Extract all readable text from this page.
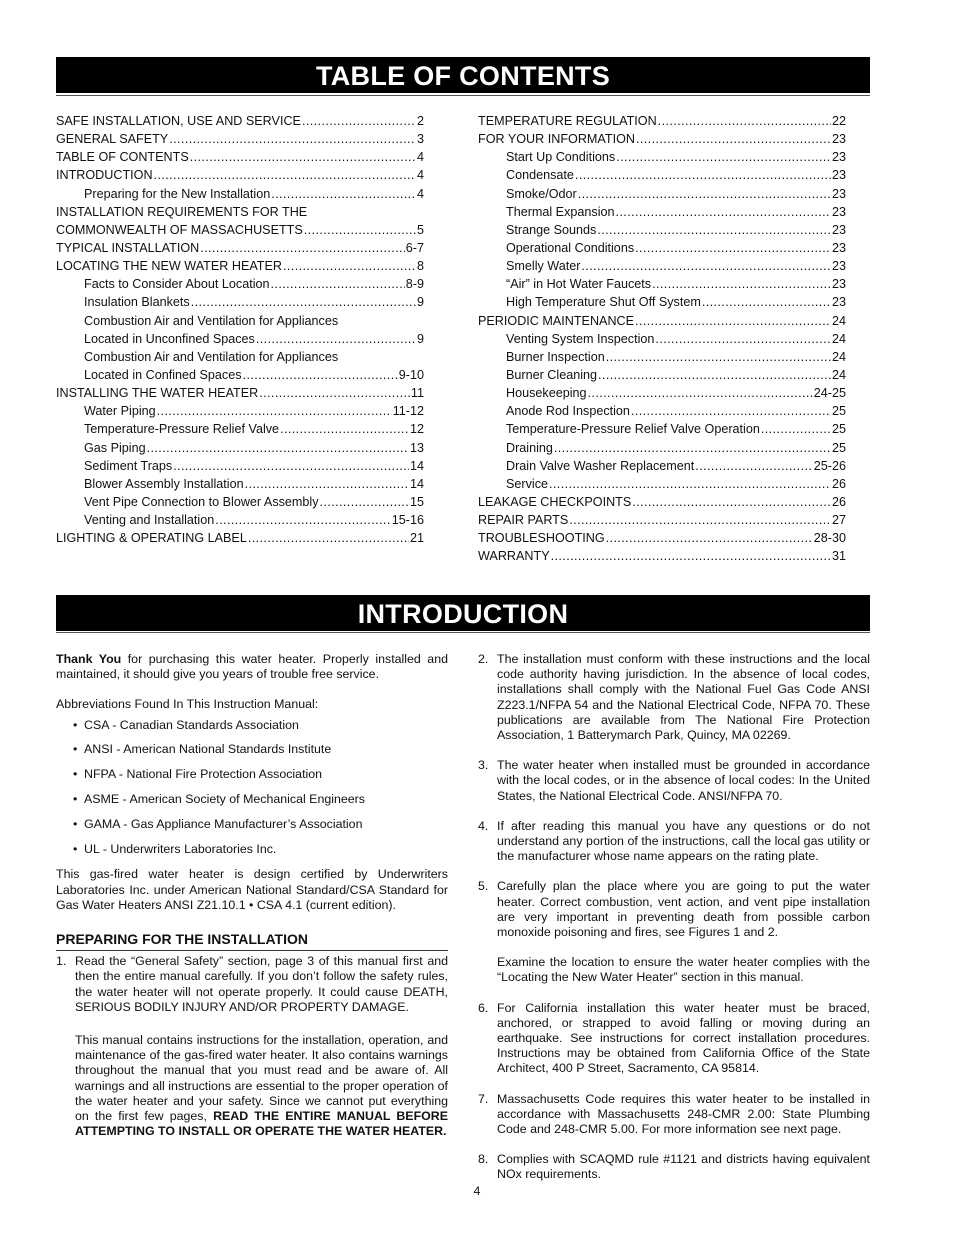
TABLE OF CONTENTS
SAFE INSTALLATION, USE AND SERVICE .....	2
GENERAL SAFETY .....	3
TABLE OF CONTENTS .....	4
INTRODUCTION .....	4
Preparing for the New Installation .....	4
INSTALLATION REQUIREMENTS FOR THE
COMMONWEALTH OF MASSACHUSETTS .....	5
TYPICAL INSTALLATION .....	6-7
LOCATING THE NEW WATER HEATER .....	8
Facts to Consider About Location .....	8-9
Insulation Blankets .....	9
Combustion Air and Ventilation for Appliances
Located in Unconfined Spaces .....	9
Combustion Air and Ventilation for Appliances
Located in Confined Spaces .....	9-10
INSTALLING THE WATER HEATER .....	11
Water Piping .....	11-12
Temperature-Pressure Relief Valve .....	12
Gas Piping .....	13
Sediment Traps .....	14
Blower Assembly Installation .....	14
Vent Pipe Connection to Blower Assembly .....	15
Venting and Installation .....	15-16
LIGHTING & OPERATING LABEL .....	21
TEMPERATURE REGULATION .....	22
FOR YOUR INFORMATION .....	23
Start Up Conditions .....	23
Condensate .....	23
Smoke/Odor .....	23
Thermal Expansion .....	23
Strange Sounds .....	23
Operational Conditions .....	23
Smelly Water .....	23
“Air” in Hot Water Faucets .....	23
High Temperature Shut Off System .....	23
PERIODIC MAINTENANCE .....	24
Venting System Inspection .....	24
Burner Inspection .....	24
Burner Cleaning .....	24
Housekeeping .....	24-25
Anode Rod Inspection .....	25
Temperature-Pressure Relief Valve Operation .....	25
Draining .....	25
Drain Valve Washer Replacement .....	25-26
Service .....	26
LEAKAGE CHECKPOINTS .....	26
REPAIR PARTS .....	27
TROUBLESHOOTING .....	28-30
WARRANTY .....	31
INTRODUCTION

Thank You for purchasing this water heater. Properly installed and maintained, it should give you years of trouble free service.

Abbreviations Found In This Instruction Manual:

• CSA - Canadian Standards Association
• ANSI - American National Standards Institute
• NFPA - National Fire Protection Association
• ASME - American Society of Mechanical Engineers
• GAMA - Gas Appliance Manufacturer’s Association
• UL - Underwriters Laboratories Inc.

This gas-fired water heater is design certified by Underwriters Laboratories Inc. under American National Standard/CSA Standard for Gas Water Heaters ANSI Z21.10.1 • CSA 4.1 (current edition).

PREPARING FOR THE INSTALLATION
1. Read the “General Safety” section, page 3 of this manual first and then the entire manual carefully. If you don’t follow the safety rules, the water heater will not operate properly. It could cause DEATH, SERIOUS BODILY INJURY AND/OR PROPERTY DAMAGE.

This manual contains instructions for the installation, operation, and maintenance of the gas-fired water heater. It also contains warnings throughout the manual that you must read and be aware of. All warnings and all instructions are essential to the proper operation of the water heater and your safety. Since we cannot put everything on the first few pages, READ THE ENTIRE MANUAL BEFORE ATTEMPTING TO INSTALL OR OPERATE THE WATER HEATER.

2. The installation must conform with these instructions and the local code authority having jurisdiction. In the absence of local codes, installations shall comply with the National Fuel Gas Code ANSI Z223.1/NFPA 54 and the National Electrical Code, NFPA 70. These publications are available from The National Fire Protection Association, 1 Batterymarch Park, Quincy, MA 02269.

3. The water heater when installed must be grounded in accordance with the local codes, or in the absence of local codes: In the United States, the National Electrical Code. ANSI/NFPA 70.

4. If after reading this manual you have any questions or do not understand any portion of the instructions, call the local gas utility or the manufacturer whose name appears on the rating plate.

5. Carefully plan the place where you are going to put the water heater. Correct combustion, vent action, and vent pipe installation are very important in preventing death from possible carbon monoxide poisoning and fires, see Figures 1 and 2.

Examine the location to ensure the water heater complies with the “Locating the New Water Heater” section in this manual.

6. For California installation this water heater must be braced, anchored, or strapped to avoid falling or moving during an earthquake. See instructions for correct installation procedures. Instructions may be obtained from California Office of the State Architect, 400 P Street, Sacramento, CA 95814.

7. Massachusetts Code requires this water heater to be installed in accordance with Massachusetts 248-CMR 2.00: State Plumbing Code and 248-CMR 5.00. For more information see next page.

8. Complies with SCAQMD rule #1121 and districts having equivalent NOx requirements.

4
